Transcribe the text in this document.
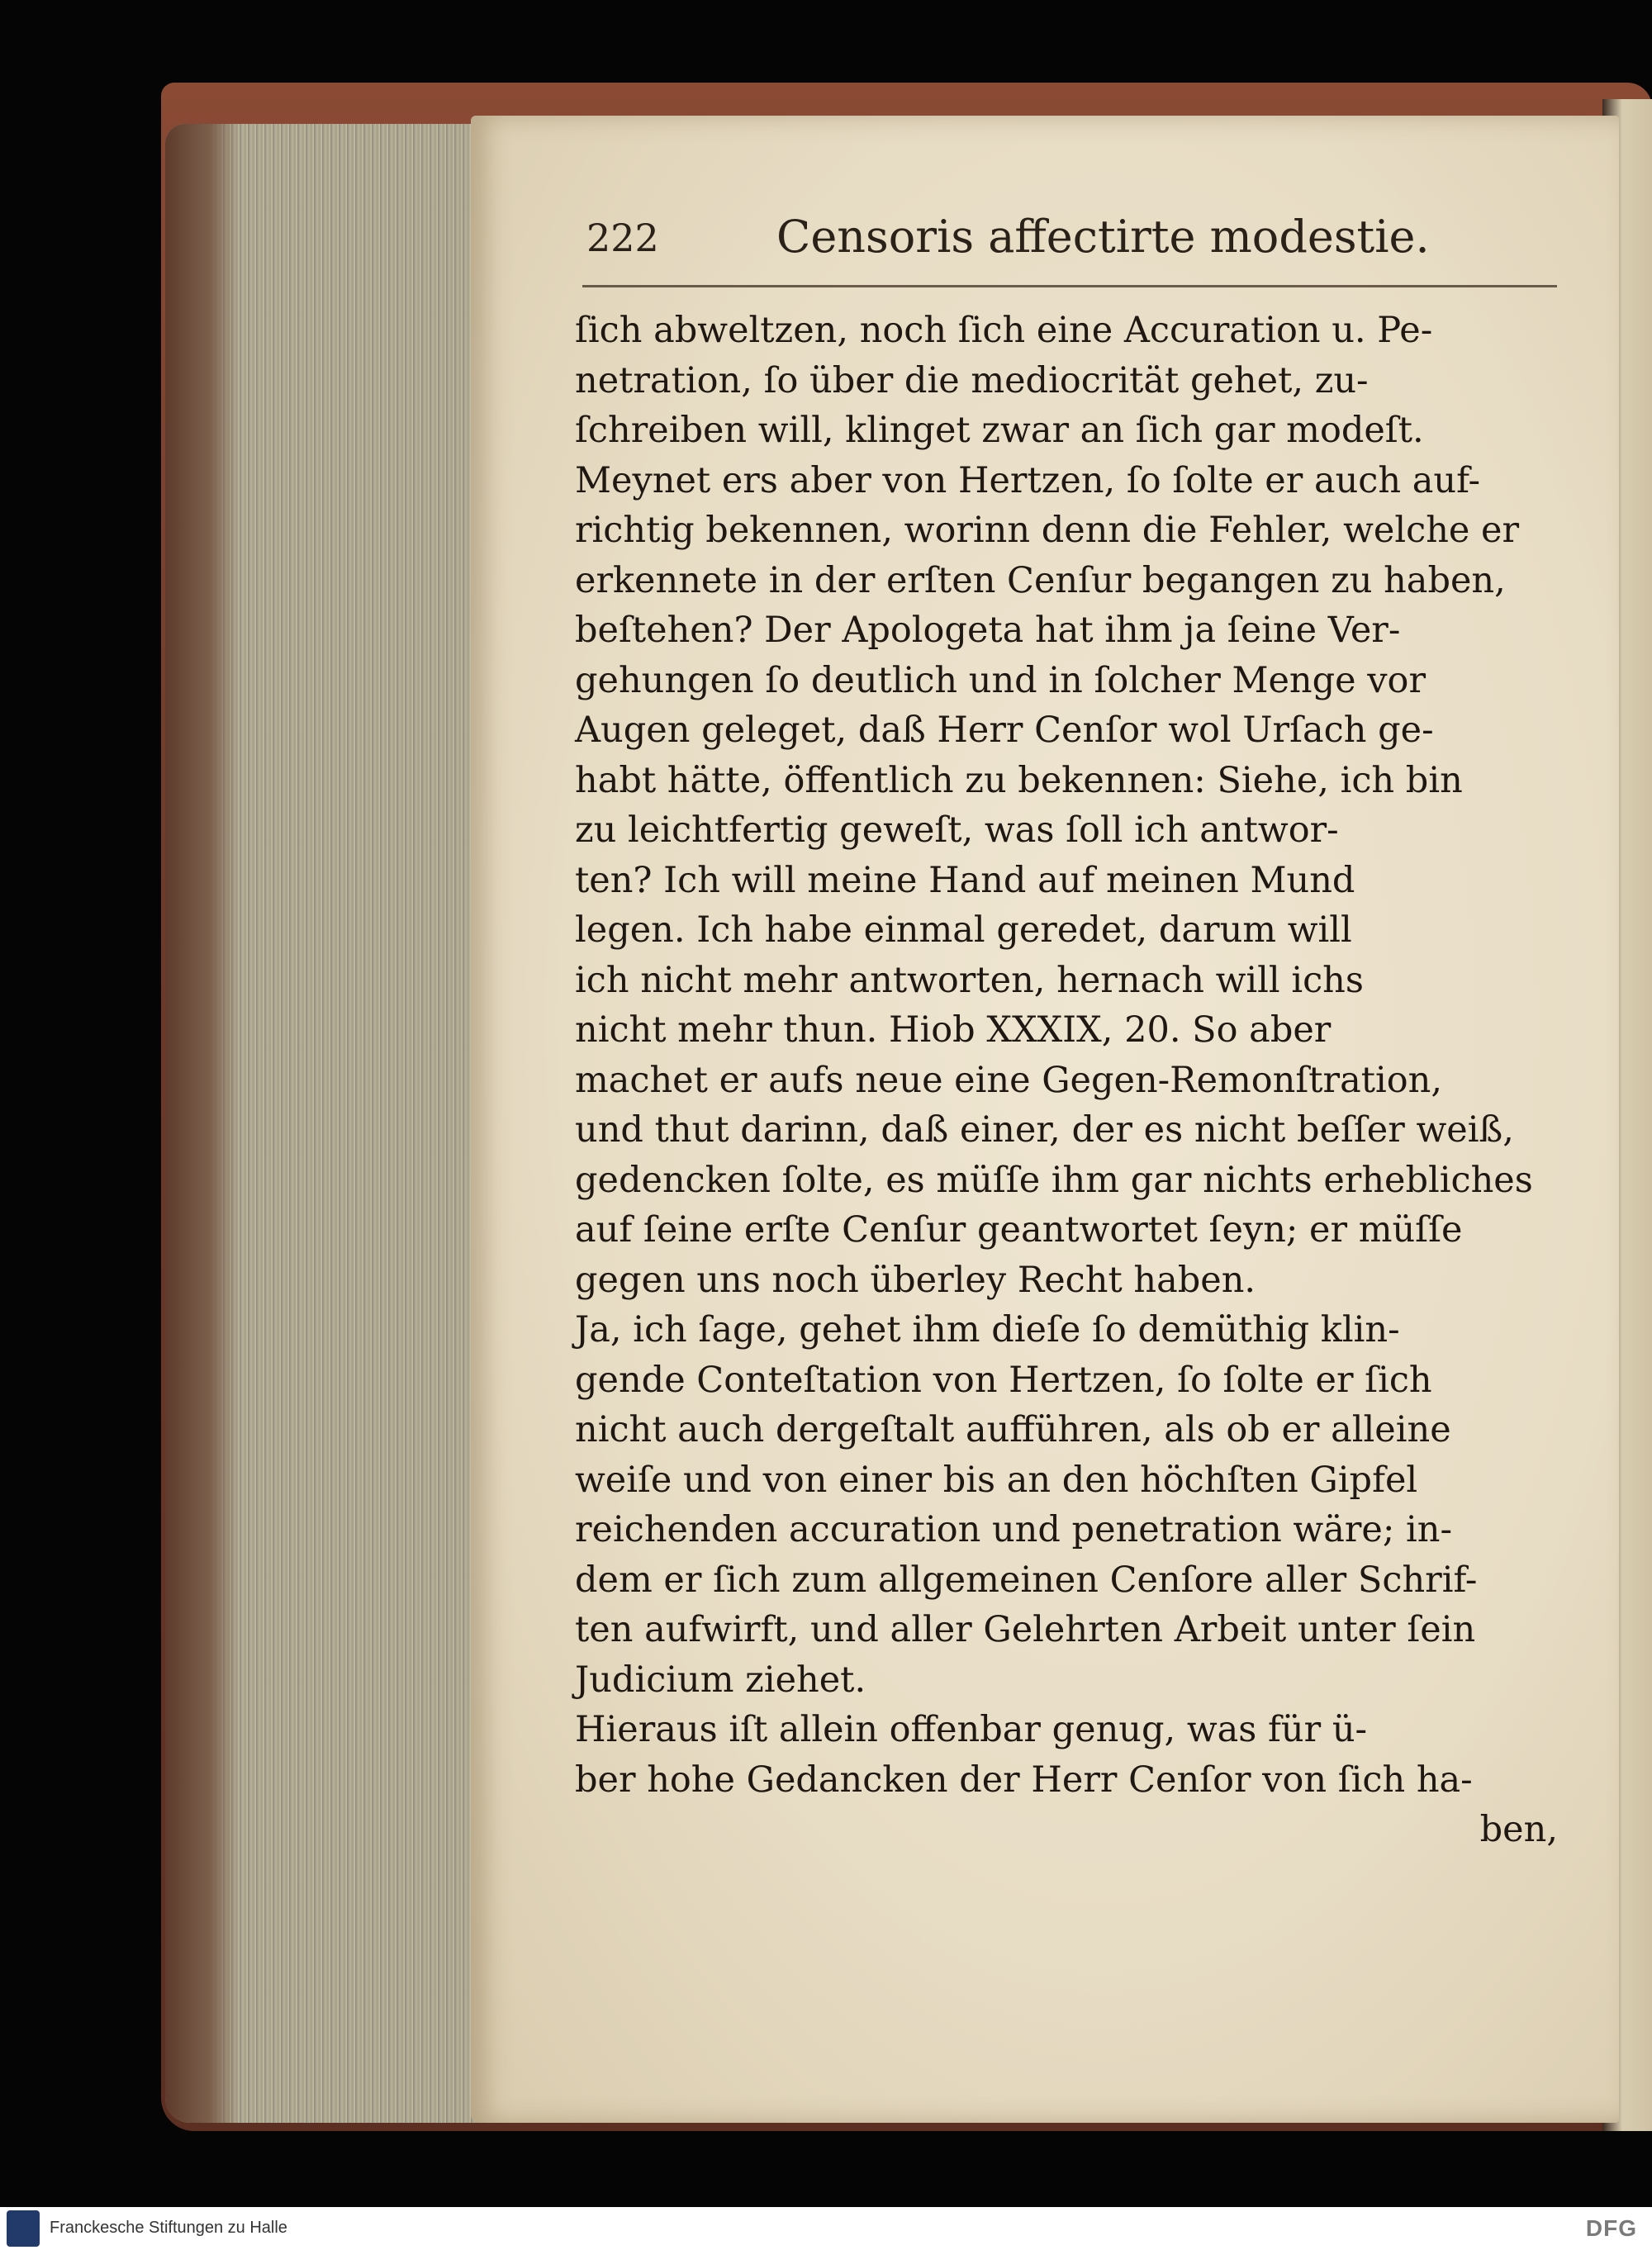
222	Censoris affectirte modestie.
ſich abweltzen, noch ſich eine Accuration u. Pe-
netration, ſo über die mediocrität gehet, zu-
ſchreiben will, klinget zwar an ſich gar modeſt.
Meynet ers aber von Hertzen, ſo ſolte er auch auf-
richtig bekennen, worinn denn die Fehler, welche er
erkennete in der erſten Cenſur begangen zu haben,
beſtehen? Der Apologeta hat ihm ja ſeine Ver-
gehungen ſo deutlich und in ſolcher Menge vor
Augen geleget, daß Herr Cenſor wol Urſach ge-
habt hätte, öffentlich zu bekennen: Siehe, ich bin
zu leichtfertig geweſt, was ſoll ich antwor-
ten? Ich will meine Hand auf meinen Mund
legen. Ich habe einmal geredet, darum will
ich nicht mehr antworten, hernach will ichs
nicht mehr thun. Hiob XXXIX, 20. So aber
machet er aufs neue eine Gegen-Remonſtration,
und thut darinn, daß einer, der es nicht beſſer weiß,
gedencken ſolte, es müſſe ihm gar nichts erhebliches
auf ſeine erſte Cenſur geantwortet ſeyn; er müſſe
gegen uns noch überley Recht haben.
Ja, ich ſage, gehet ihm dieſe ſo demüthig klin-
gende Conteſtation von Hertzen, ſo ſolte er ſich
nicht auch dergeſtalt aufführen, als ob er alleine
weiſe und von einer bis an den höchſten Gipfel
reichenden accuration und penetration wäre; in-
dem er ſich zum allgemeinen Cenſore aller Schrif-
ten aufwirft, und aller Gelehrten Arbeit unter ſein
Judicium ziehet.
Hieraus iſt allein offenbar genug, was für ü-
ber hohe Gedancken der Herr Cenſor von ſich ha-
ben,
Franckesche Stiftungen zu Halle	DFG
